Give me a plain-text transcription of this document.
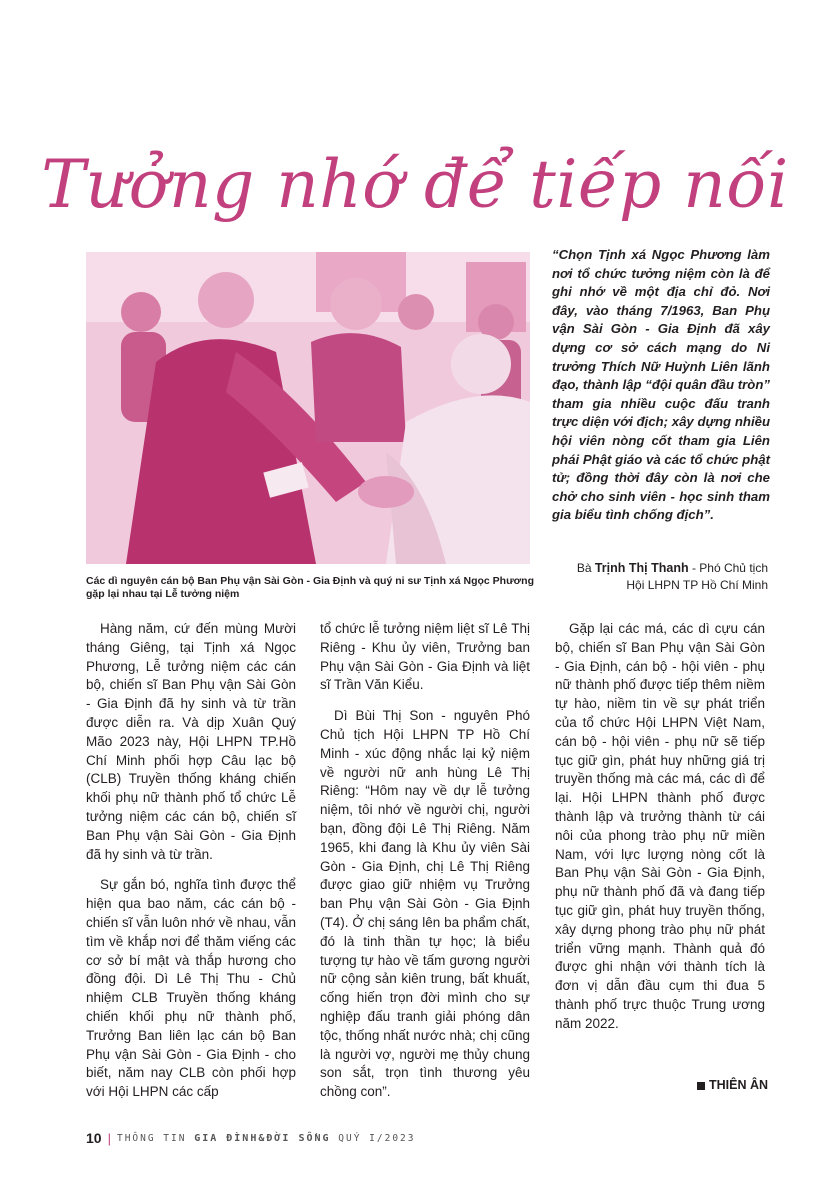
Tưởng nhớ để tiếp nối
Các dì nguyên cán bộ Ban Phụ vận Sài Gòn - Gia Định và quý ni sư Tịnh xá Ngọc Phương gặp lại nhau tại Lễ tưởng niệm
“Chọn Tịnh xá Ngọc Phương làm nơi tổ chức tưởng niệm còn là để ghi nhớ về một địa chỉ đỏ. Nơi đây, vào tháng 7/1963, Ban Phụ vận Sài Gòn - Gia Định đã xây dựng cơ sở cách mạng do Ni trưởng Thích Nữ Huỳnh Liên lãnh đạo, thành lập “đội quân đầu tròn” tham gia nhiều cuộc đấu tranh trực diện với địch; xây dựng nhiều hội viên nòng cốt tham gia Liên phái Phật giáo và các tổ chức phật tử; đồng thời đây còn là nơi che chở cho sinh viên - học sinh tham gia biểu tình chống địch”.
Bà Trịnh Thị Thanh - Phó Chủ tịch
Hội LHPN TP Hồ Chí Minh

Hàng năm, cứ đến mùng Mười tháng Giêng, tại Tịnh xá Ngọc Phương, Lễ tưởng niệm các cán bộ, chiến sĩ Ban Phụ vận Sài Gòn - Gia Định đã hy sinh và từ trần được diễn ra. Và dịp Xuân Quý Mão 2023 này, Hội LHPN TP.Hồ Chí Minh phối hợp Câu lạc bộ (CLB) Truyền thống kháng chiến khối phụ nữ thành phố tổ chức Lễ tưởng niệm các cán bộ, chiến sĩ Ban Phụ vận Sài Gòn - Gia Định đã hy sinh và từ trần.

Sự gắn bó, nghĩa tình được thể hiện qua bao năm, các cán bộ - chiến sĩ vẫn luôn nhớ về nhau, vẫn tìm về khắp nơi để thăm viếng các cơ sở bí mật và thắp hương cho đồng đội. Dì Lê Thị Thu - Chủ nhiệm CLB Truyền thống kháng chiến khối phụ nữ thành phố, Trưởng Ban liên lạc cán bộ Ban Phụ vận Sài Gòn - Gia Định - cho biết, năm nay CLB còn phối hợp với Hội LHPN các cấp

tổ chức lễ tưởng niệm liệt sĩ Lê Thị Riêng - Khu ủy viên, Trưởng ban Phụ vận Sài Gòn - Gia Định và liệt sĩ Trần Văn Kiểu.

Dì Bùi Thị Son - nguyên Phó Chủ tịch Hội LHPN TP Hồ Chí Minh - xúc động nhắc lại kỷ niệm về người nữ anh hùng Lê Thị Riêng: “Hôm nay về dự lễ tưởng niệm, tôi nhớ về người chị, người bạn, đồng đội Lê Thị Riêng. Năm 1965, khi đang là Khu ủy viên Sài Gòn - Gia Định, chị Lê Thị Riêng được giao giữ nhiệm vụ Trưởng ban Phụ vận Sài Gòn - Gia Định (T4). Ở chị sáng lên ba phẩm chất, đó là tinh thần tự học; là biểu tượng tự hào về tấm gương người nữ cộng sản kiên trung, bất khuất, cống hiến trọn đời mình cho sự nghiệp đấu tranh giải phóng dân tộc, thống nhất nước nhà; chị cũng là người vợ, người mẹ thủy chung son sắt, trọn tình thương yêu chồng con”.

Gặp lại các má, các dì cựu cán bộ, chiến sĩ Ban Phụ vận Sài Gòn - Gia Định, cán bộ - hội viên - phụ nữ thành phố được tiếp thêm niềm tự hào, niềm tin về sự phát triển của tổ chức Hội LHPN Việt Nam, cán bộ - hội viên - phụ nữ sẽ tiếp tục giữ gìn, phát huy những giá trị truyền thống mà các má, các dì để lại. Hội LHPN thành phố được thành lập và trưởng thành từ cái nôi của phong trào phụ nữ miền Nam, với lực lượng nòng cốt là Ban Phụ vận Sài Gòn - Gia Định, phụ nữ thành phố đã và đang tiếp tục giữ gìn, phát huy truyền thống, xây dựng phong trào phụ nữ phát triển vững mạnh. Thành quả đó được ghi nhận với thành tích là đơn vị dẫn đầu cụm thi đua 5 thành phố trực thuộc Trung ương năm 2022.

THIÊN ÂN
10 | THÔNG TIN GIA ĐÌNH&ĐỜI SỐNG QUÝ I/2023
